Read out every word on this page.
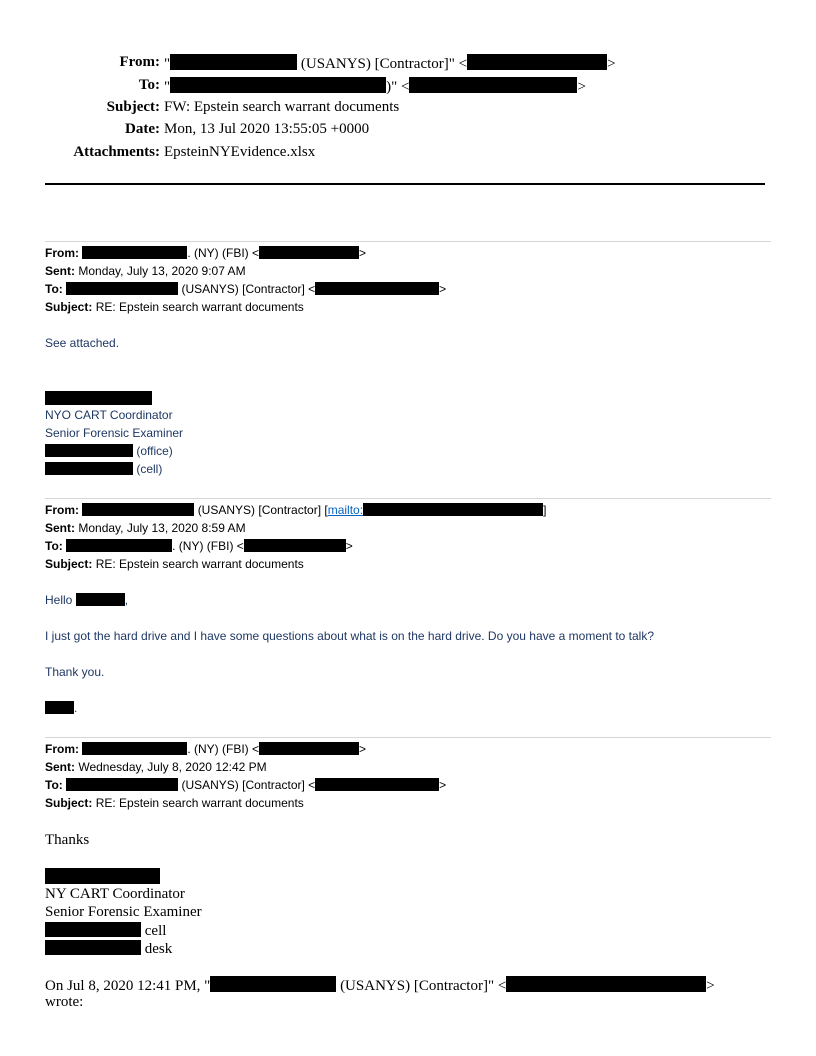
From: "	(USANYS) [Contractor]" <	>
To: "	)" <	>
Subject: FW: Epstein search warrant documents
Date: Mon, 13 Jul 2020 13:55:05 +0000
Attachments: EpsteinNYEvidence.xlsx
From:	. (NY) (FBI) <	>
Sent: Monday, July 13, 2020 9:07 AM
To:	(USANYS) [Contractor] <	>
Subject: RE: Epstein search warrant documents
See attached.
NYO CART Coordinator
Senior Forensic Examiner
(office)
(cell)
From:	(USANYS) [Contractor] [mailto:	]
Sent: Monday, July 13, 2020 8:59 AM
To:	. (NY) (FBI) <	>
Subject: RE: Epstein search warrant documents
Hello	,
I just got the hard drive and I have some questions about what is on the hard drive. Do you have a moment to talk?
Thank you.
.
From:	. (NY) (FBI) <	>
Sent: Wednesday, July 8, 2020 12:42 PM
To:	(USANYS) [Contractor] <	>
Subject: RE: Epstein search warrant documents
Thanks
NY CART Coordinator
Senior Forensic Examiner
cell
desk
On Jul 8, 2020 12:41 PM, "	(USANYS) [Contractor]" <	>
wrote:
